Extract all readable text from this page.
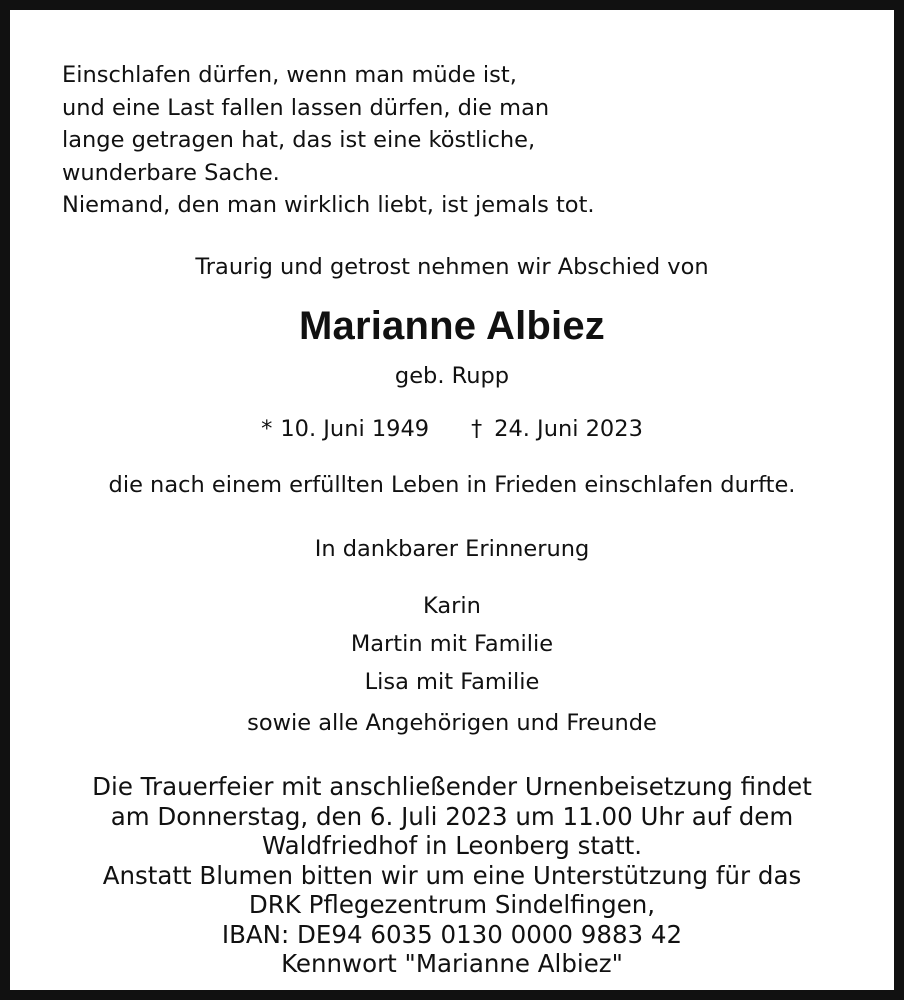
Einschlafen dürfen, wenn man müde ist,
und eine Last fallen lassen dürfen, die man
lange getragen hat, das ist eine köstliche,
wunderbare Sache.
Niemand, den man wirklich liebt, ist jemals tot.
Traurig und getrost nehmen wir Abschied von
Marianne Albiez
geb. Rupp
* 10. Juni 1949 † 24. Juni 2023
die nach einem erfüllten Leben in Frieden einschlafen durfte.
In dankbarer Erinnerung
Karin
Martin mit Familie
Lisa mit Familie
sowie alle Angehörigen und Freunde
Die Trauerfeier mit anschließender Urnenbeisetzung findet
am Donnerstag, den 6. Juli 2023 um 11.00 Uhr auf dem
Waldfriedhof in Leonberg statt.
Anstatt Blumen bitten wir um eine Unterstützung für das
DRK Pflegezentrum Sindelfingen,
IBAN: DE94 6035 0130 0000 9883 42
Kennwort "Marianne Albiez"
